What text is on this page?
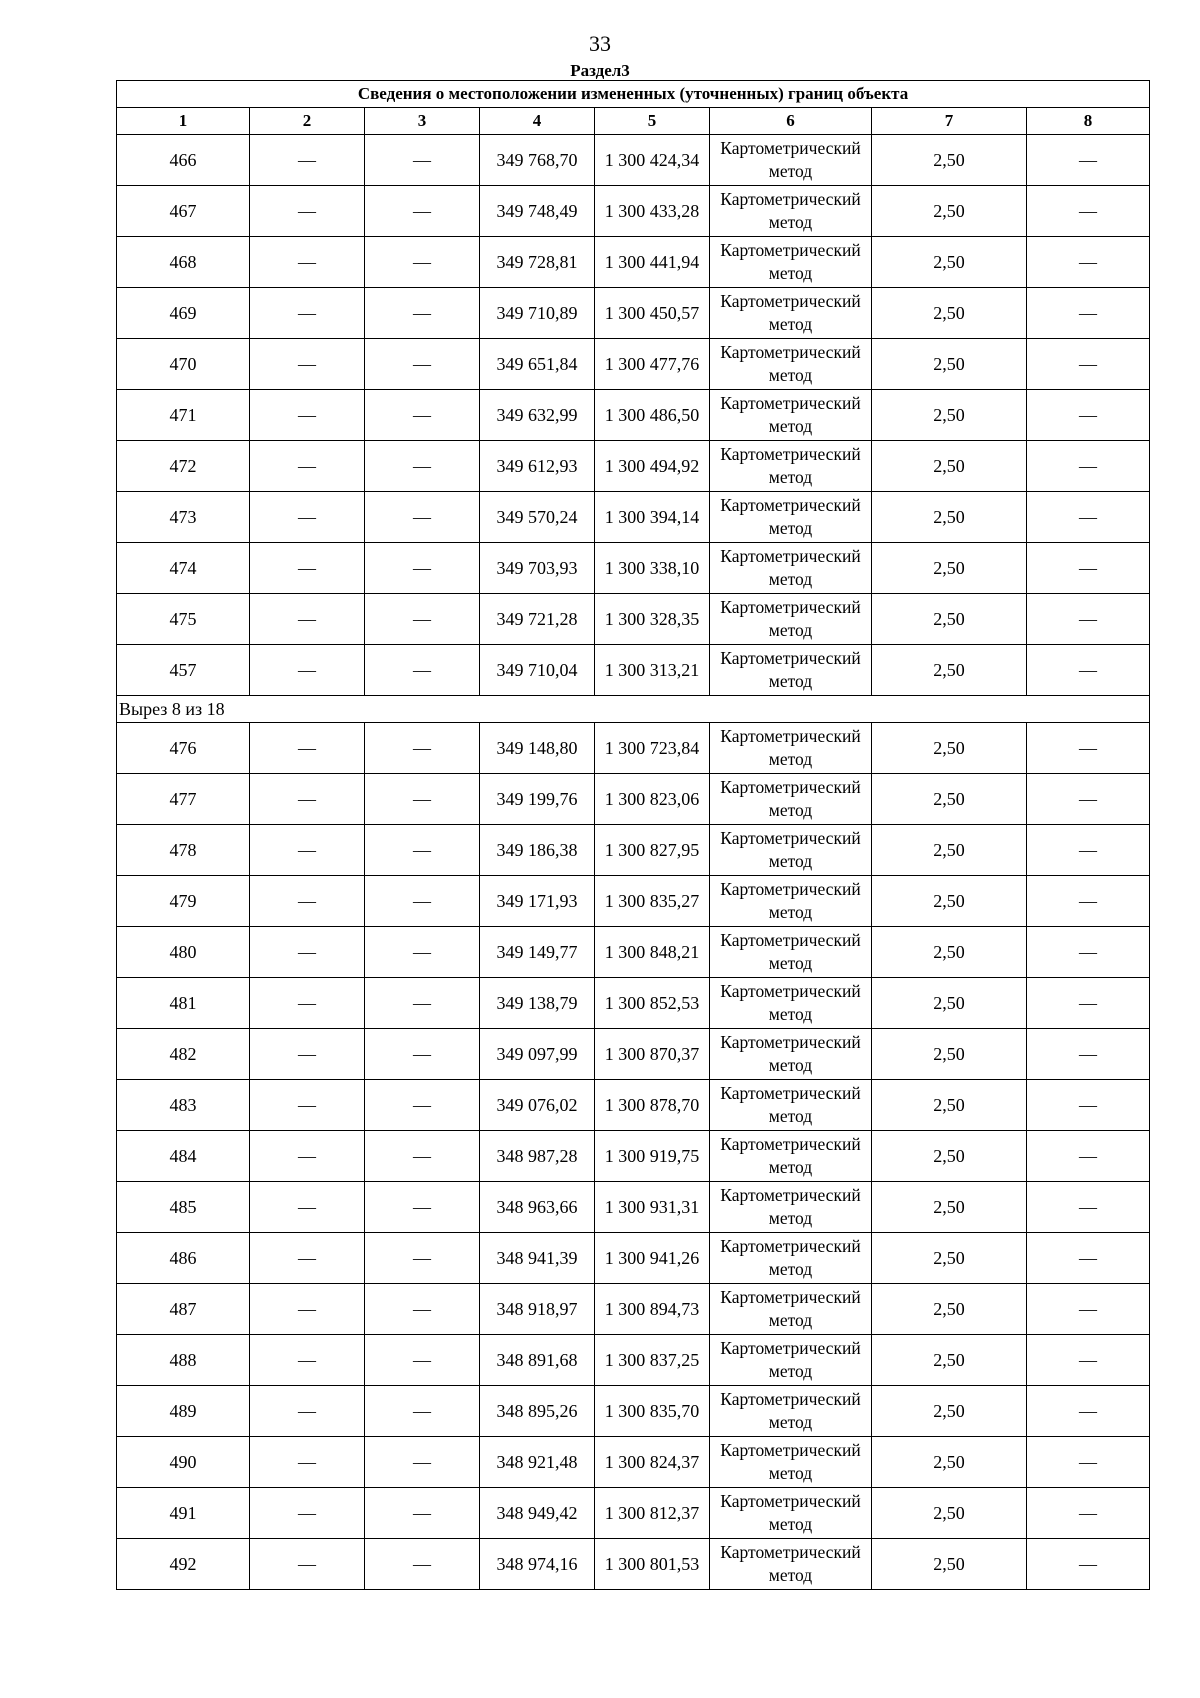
33
Раздел3
Сведения о местоположении измененных (уточненных) границ объекта							
1	2	3	4	5	6	7	8
466	—	—	349 768,70	1 300 424,34	Картометрический метод	2,50	—
467	—	—	349 748,49	1 300 433,28	Картометрический метод	2,50	—
468	—	—	349 728,81	1 300 441,94	Картометрический метод	2,50	—
469	—	—	349 710,89	1 300 450,57	Картометрический метод	2,50	—
470	—	—	349 651,84	1 300 477,76	Картометрический метод	2,50	—
471	—	—	349 632,99	1 300 486,50	Картометрический метод	2,50	—
472	—	—	349 612,93	1 300 494,92	Картометрический метод	2,50	—
473	—	—	349 570,24	1 300 394,14	Картометрический метод	2,50	—
474	—	—	349 703,93	1 300 338,10	Картометрический метод	2,50	—
475	—	—	349 721,28	1 300 328,35	Картометрический метод	2,50	—
457	—	—	349 710,04	1 300 313,21	Картометрический метод	2,50	—
Вырез 8 из 18							
476	—	—	349 148,80	1 300 723,84	Картометрический метод	2,50	—
477	—	—	349 199,76	1 300 823,06	Картометрический метод	2,50	—
478	—	—	349 186,38	1 300 827,95	Картометрический метод	2,50	—
479	—	—	349 171,93	1 300 835,27	Картометрический метод	2,50	—
480	—	—	349 149,77	1 300 848,21	Картометрический метод	2,50	—
481	—	—	349 138,79	1 300 852,53	Картометрический метод	2,50	—
482	—	—	349 097,99	1 300 870,37	Картометрический метод	2,50	—
483	—	—	349 076,02	1 300 878,70	Картометрический метод	2,50	—
484	—	—	348 987,28	1 300 919,75	Картометрический метод	2,50	—
485	—	—	348 963,66	1 300 931,31	Картометрический метод	2,50	—
486	—	—	348 941,39	1 300 941,26	Картометрический метод	2,50	—
487	—	—	348 918,97	1 300 894,73	Картометрический метод	2,50	—
488	—	—	348 891,68	1 300 837,25	Картометрический метод	2,50	—
489	—	—	348 895,26	1 300 835,70	Картометрический метод	2,50	—
490	—	—	348 921,48	1 300 824,37	Картометрический метод	2,50	—
491	—	—	348 949,42	1 300 812,37	Картометрический метод	2,50	—
492	—	—	348 974,16	1 300 801,53	Картометрический метод	2,50	—
